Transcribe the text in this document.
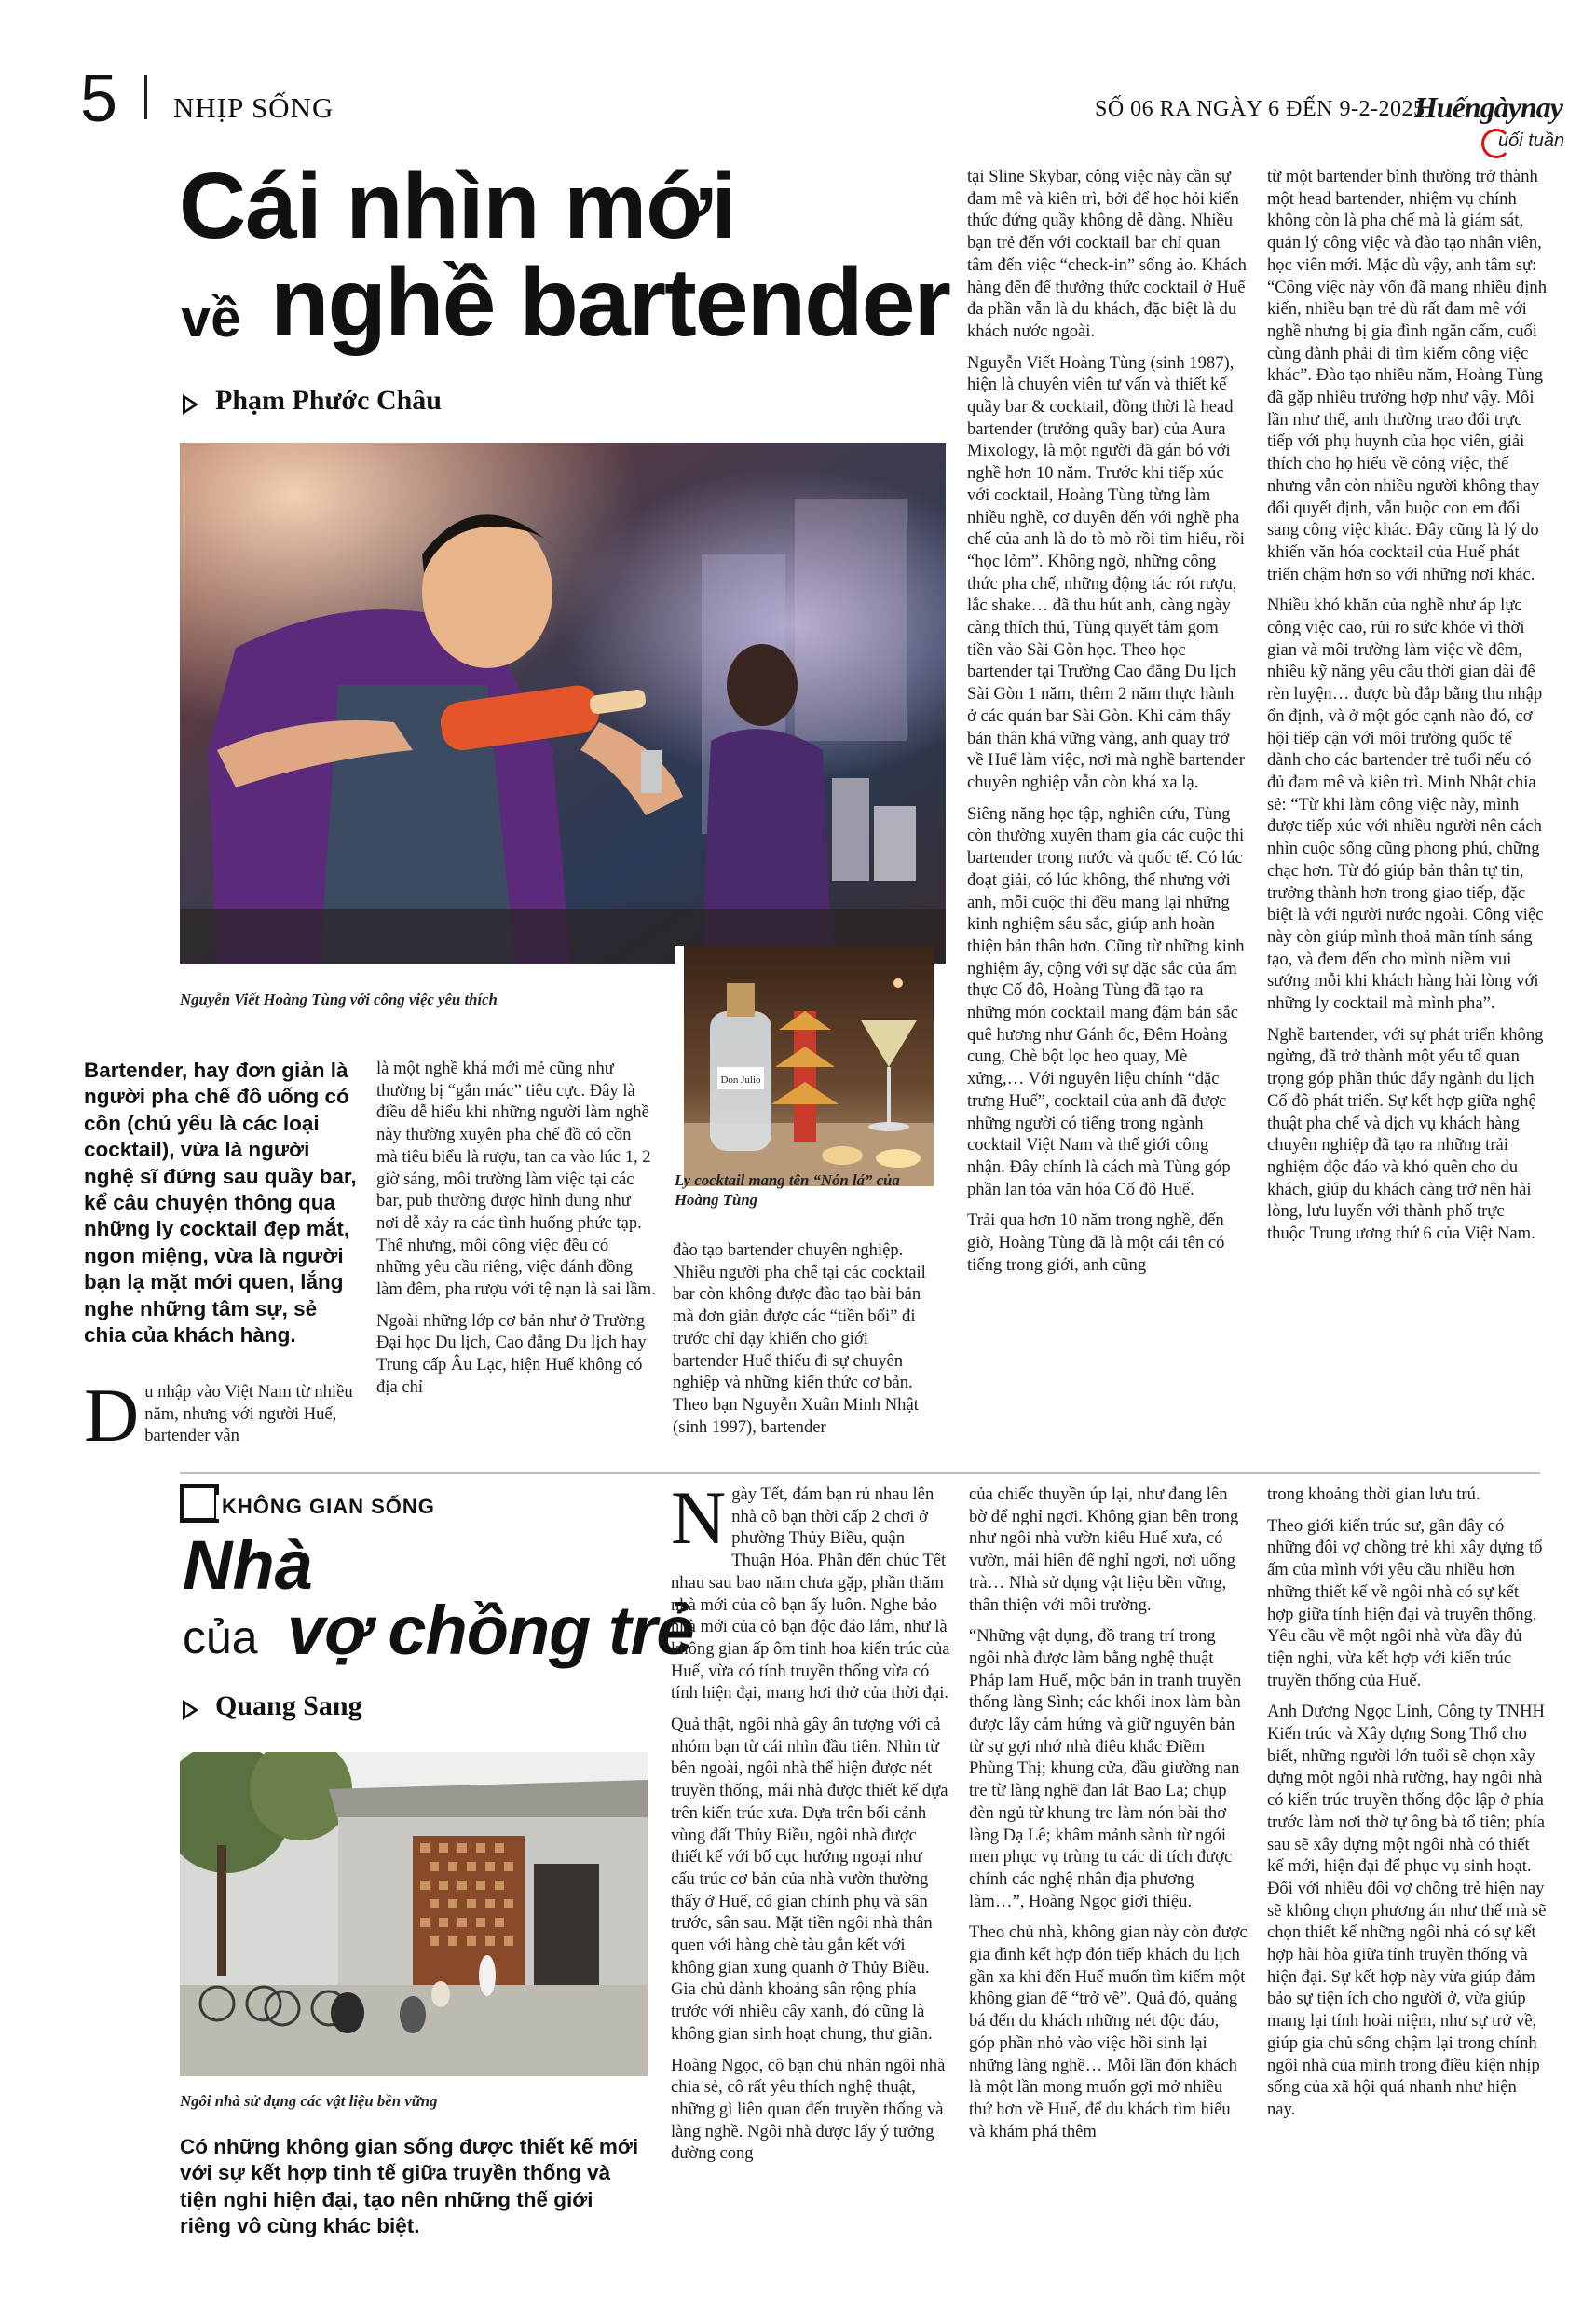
5 NHỊP SỐNG	SỐ 06 RA NGÀY 6 ĐẾN 9-2-2025
Huếngàynay
uối tuần
Cái nhìn mới
về nghề bartender
Phạm Phước Châu
Nguyễn Viết Hoàng Tùng với công việc yêu thích
Don Julio
Ly cocktail mang tên “Nón lá” của Hoàng Tùng
Bartender, hay đơn giản là người pha chế đồ uống có cồn (chủ yếu là các loại cocktail), vừa là người nghệ sĩ đứng sau quầy bar, kể câu chuyện thông qua những ly cocktail đẹp mắt, ngon miệng, vừa là người bạn lạ mặt mới quen, lắng nghe những tâm sự, sẻ chia của khách hàng.
Du nhập vào Việt Nam từ nhiều năm, nhưng với người Huế, bartender vẫn

là một nghề khá mới mẻ cũng như thường bị “gắn mác” tiêu cực. Đây là điều dễ hiểu khi những người làm nghề này thường xuyên pha chế đồ có cồn mà tiêu biểu là rượu, tan ca vào lúc 1, 2 giờ sáng, môi trường làm việc tại các bar, pub thường được hình dung như nơi dễ xảy ra các tình huống phức tạp. Thế nhưng, mỗi công việc đều có những yêu cầu riêng, việc đánh đồng làm đêm, pha rượu với tệ nạn là sai lầm.

Ngoài những lớp cơ bản như ở Trường Đại học Du lịch, Cao đẳng Du lịch hay Trung cấp Âu Lạc, hiện Huế không có địa chỉ

đào tạo bartender chuyên nghiệp. Nhiều người pha chế tại các cocktail bar còn không được đào tạo bài bản mà đơn giản được các “tiền bối” đi trước chỉ dạy khiến cho giới bartender Huế thiếu đi sự chuyên nghiệp và những kiến thức cơ bản. Theo bạn Nguyễn Xuân Minh Nhật (sinh 1997), bartender

tại Sline Skybar, công việc này cần sự đam mê và kiên trì, bởi để học hỏi kiến thức đứng quầy không dễ dàng. Nhiều bạn trẻ đến với cocktail bar chỉ quan tâm đến việc “check-in” sống ảo. Khách hàng đến để thưởng thức cocktail ở Huế đa phần vẫn là du khách, đặc biệt là du khách nước ngoài.

Nguyễn Viết Hoàng Tùng (sinh 1987), hiện là chuyên viên tư vấn và thiết kế quầy bar & cocktail, đồng thời là head bartender (trưởng quầy bar) của Aura Mixology, là một người đã gắn bó với nghề hơn 10 năm. Trước khi tiếp xúc với cocktail, Hoàng Tùng từng làm nhiều nghề, cơ duyên đến với nghề pha chế của anh là do tò mò rồi tìm hiểu, rồi “học lỏm”. Không ngờ, những công thức pha chế, những động tác rót rượu, lắc shake… đã thu hút anh, càng ngày càng thích thú, Tùng quyết tâm gom tiền vào Sài Gòn học. Theo học bartender tại Trường Cao đẳng Du lịch Sài Gòn 1 năm, thêm 2 năm thực hành ở các quán bar Sài Gòn. Khi cảm thấy bản thân khá vững vàng, anh quay trở về Huế làm việc, nơi mà nghề bartender chuyên nghiệp vẫn còn khá xa lạ.

Siêng năng học tập, nghiên cứu, Tùng còn thường xuyên tham gia các cuộc thi bartender trong nước và quốc tế. Có lúc đoạt giải, có lúc không, thế nhưng với anh, mỗi cuộc thi đều mang lại những kinh nghiệm sâu sắc, giúp anh hoàn thiện bản thân hơn. Cũng từ những kinh nghiệm ấy, cộng với sự đặc sắc của ẩm thực Cố đô, Hoàng Tùng đã tạo ra những món cocktail mang đậm bản sắc quê hương như Gánh ốc, Đêm Hoàng cung, Chè bột lọc heo quay, Mè xửng,… Với nguyên liệu chính “đặc trưng Huế”, cocktail của anh đã được những người có tiếng trong ngành cocktail Việt Nam và thế giới công nhận. Đây chính là cách mà Tùng góp phần lan tỏa văn hóa Cố đô Huế.

Trải qua hơn 10 năm trong nghề, đến giờ, Hoàng Tùng đã là một cái tên có tiếng trong giới, anh cũng

từ một bartender bình thường trở thành một head bartender, nhiệm vụ chính không còn là pha chế mà là giám sát, quản lý công việc và đào tạo nhân viên, học viên mới. Mặc dù vậy, anh tâm sự: “Công việc này vốn đã mang nhiều định kiến, nhiều bạn trẻ dù rất đam mê với nghề nhưng bị gia đình ngăn cấm, cuối cùng đành phải đi tìm kiếm công việc khác”. Đào tạo nhiều năm, Hoàng Tùng đã gặp nhiều trường hợp như vậy. Mỗi lần như thế, anh thường trao đổi trực tiếp với phụ huynh của học viên, giải thích cho họ hiểu về công việc, thế nhưng vẫn còn nhiều người không thay đổi quyết định, vẫn buộc con em đổi sang công việc khác. Đây cũng là lý do khiến văn hóa cocktail của Huế phát triển chậm hơn so với những nơi khác.

Nhiều khó khăn của nghề như áp lực công việc cao, rủi ro sức khỏe vì thời gian và môi trường làm việc về đêm, nhiều kỹ năng yêu cầu thời gian dài để rèn luyện… được bù đắp bằng thu nhập ổn định, và ở một góc cạnh nào đó, cơ hội tiếp cận với môi trường quốc tế dành cho các bartender trẻ tuổi nếu có đủ đam mê và kiên trì. Minh Nhật chia sẻ: “Từ khi làm công việc này, mình được tiếp xúc với nhiều người nên cách nhìn cuộc sống cũng phong phú, chững chạc hơn. Từ đó giúp bản thân tự tin, trưởng thành hơn trong giao tiếp, đặc biệt là với người nước ngoài. Công việc này còn giúp mình thoả mãn tính sáng tạo, và đem đến cho mình niềm vui sướng mỗi khi khách hàng hài lòng với những ly cocktail mà mình pha”.

Nghề bartender, với sự phát triển không ngừng, đã trở thành một yếu tố quan trọng góp phần thúc đẩy ngành du lịch Cố đô phát triển. Sự kết hợp giữa nghệ thuật pha chế và dịch vụ khách hàng chuyên nghiệp đã tạo ra những trải nghiệm độc đáo và khó quên cho du khách, giúp du khách càng trở nên hài lòng, lưu luyến với thành phố trực thuộc Trung ương thứ 6 của Việt Nam.

KHÔNG GIAN SỐNG
Nhà
của vợ chồng trẻ
Quang Sang
Ngôi nhà sử dụng các vật liệu bền vững
Có những không gian sống được thiết kế mới với sự kết hợp tinh tế giữa truyền thống và tiện nghi hiện đại, tạo nên những thế giới riêng vô cùng khác biệt.

Ngày Tết, đám bạn rủ nhau lên nhà cô bạn thời cấp 2 chơi ở phường Thủy Biều, quận Thuận Hóa. Phần đến chúc Tết nhau sau bao năm chưa gặp, phần thăm nhà mới của cô bạn ấy luôn. Nghe bảo nhà mới của cô bạn độc đáo lắm, như là không gian ấp ôm tinh hoa kiến trúc của Huế, vừa có tính truyền thống vừa có tính hiện đại, mang hơi thở của thời đại.

Quả thật, ngôi nhà gây ấn tượng với cả nhóm bạn từ cái nhìn đầu tiên. Nhìn từ bên ngoài, ngôi nhà thể hiện được nét truyền thống, mái nhà được thiết kế dựa trên kiến trúc xưa. Dựa trên bối cảnh vùng đất Thủy Biều, ngôi nhà được thiết kế với bố cục hướng ngoại như cấu trúc cơ bản của nhà vườn thường thấy ở Huế, có gian chính phụ và sân trước, sân sau. Mặt tiền ngôi nhà thân quen với hàng chè tàu gắn kết với không gian xung quanh ở Thủy Biều. Gia chủ dành khoảng sân rộng phía trước với nhiều cây xanh, đó cũng là không gian sinh hoạt chung, thư giãn.

Hoàng Ngọc, cô bạn chủ nhân ngôi nhà chia sẻ, cô rất yêu thích nghệ thuật, những gì liên quan đến truyền thống và làng nghề. Ngôi nhà được lấy ý tưởng đường cong

của chiếc thuyền úp lại, như đang lên bờ để nghỉ ngơi. Không gian bên trong như ngôi nhà vườn kiểu Huế xưa, có vườn, mái hiên để nghỉ ngơi, nơi uống trà… Nhà sử dụng vật liệu bền vững, thân thiện với môi trường.

“Những vật dụng, đồ trang trí trong ngôi nhà được làm bằng nghệ thuật Pháp lam Huế, mộc bản in tranh truyền thống làng Sình; các khối inox làm bàn được lấy cảm hứng và giữ nguyên bản từ sự gợi nhớ nhà điêu khắc Điềm Phùng Thị; khung cửa, đầu giường nan tre từ làng nghề đan lát Bao La; chụp đèn ngủ từ khung tre làm nón bài thơ làng Dạ Lê; khâm mảnh sành từ ngói men phục vụ trùng tu các di tích được chính các nghệ nhân địa phương làm…”, Hoàng Ngọc giới thiệu.

Theo chủ nhà, không gian này còn được gia đình kết hợp đón tiếp khách du lịch gần xa khi đến Huế muốn tìm kiếm một không gian để “trở về”. Quả đó, quảng bá đến du khách những nét độc đáo, góp phần nhỏ vào việc hồi sinh lại những làng nghề… Mỗi lần đón khách là một lần mong muốn gợi mở nhiều thứ hơn về Huế, để du khách tìm hiểu và khám phá thêm

trong khoảng thời gian lưu trú.

Theo giới kiến trúc sư, gần đây có những đôi vợ chồng trẻ khi xây dựng tổ ấm của mình với yêu cầu nhiều hơn những thiết kế về ngôi nhà có sự kết hợp giữa tính hiện đại và truyền thống. Yêu cầu về một ngôi nhà vừa đầy đủ tiện nghi, vừa kết hợp với kiến trúc truyền thống của Huế.

Anh Dương Ngọc Linh, Công ty TNHH Kiến trúc và Xây dựng Song Thổ cho biết, những người lớn tuổi sẽ chọn xây dựng một ngôi nhà rường, hay ngôi nhà có kiến trúc truyền thống độc lập ở phía trước làm nơi thờ tự ông bà tổ tiên; phía sau sẽ xây dựng một ngôi nhà có thiết kế mới, hiện đại để phục vụ sinh hoạt. Đối với nhiều đôi vợ chồng trẻ hiện nay sẽ không chọn phương án như thế mà sẽ chọn thiết kế những ngôi nhà có sự kết hợp hài hòa giữa tính truyền thống và hiện đại. Sự kết hợp này vừa giúp đảm bảo sự tiện ích cho người ở, vừa giúp mang lại tính hoài niệm, như sự trở về, giúp gia chủ sống chậm lại trong chính ngôi nhà của mình trong điều kiện nhịp sống của xã hội quá nhanh như hiện nay.
